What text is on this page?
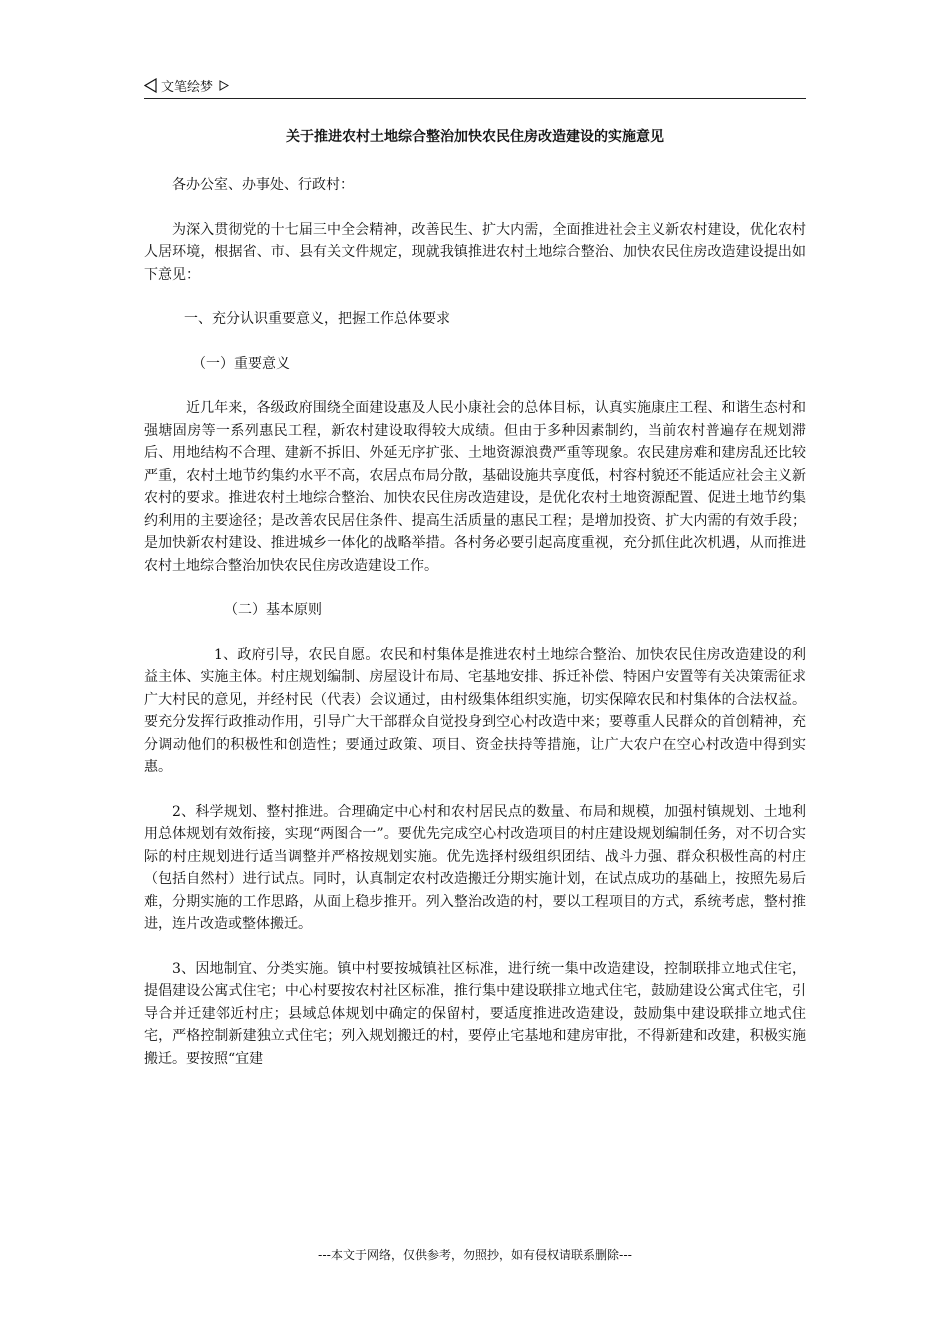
文笔绘梦
关于推进农村土地综合整治加快农民住房改造建设的实施意见

各办公室、办事处、行政村：

为深入贯彻党的十七届三中全会精神，改善民生、扩大内需，全面推进社会主义新农村建设，优化农村人居环境，根据省、市、县有关文件规定，现就我镇推进农村土地综合整治、加快农民住房改造建设提出如下意见：

一、充分认识重要意义，把握工作总体要求

（一）重要意义

近几年来，各级政府围绕全面建设惠及人民小康社会的总体目标，认真实施康庄工程、和谐生态村和强塘固房等一系列惠民工程，新农村建设取得较大成绩。但由于多种因素制约，当前农村普遍存在规划滞后、用地结构不合理、建新不拆旧、外延无序扩张、土地资源浪费严重等现象。农民建房难和建房乱还比较严重，农村土地节约集约水平不高，农居点布局分散，基础设施共享度低，村容村貌还不能适应社会主义新农村的要求。推进农村土地综合整治、加快农民住房改造建设，是优化农村土地资源配置、促进土地节约集约利用的主要途径；是改善农民居住条件、提高生活质量的惠民工程；是增加投资、扩大内需的有效手段；是加快新农村建设、推进城乡一体化的战略举措。各村务必要引起高度重视，充分抓住此次机遇，从而推进农村土地综合整治加快农民住房改造建设工作。

（二）基本原则

1、政府引导，农民自愿。农民和村集体是推进农村土地综合整治、加快农民住房改造建设的利益主体、实施主体。村庄规划编制、房屋设计布局、宅基地安排、拆迁补偿、特困户安置等有关决策需征求广大村民的意见，并经村民（代表）会议通过，由村级集体组织实施，切实保障农民和村集体的合法权益。要充分发挥行政推动作用，引导广大干部群众自觉投身到空心村改造中来；要尊重人民群众的首创精神，充分调动他们的积极性和创造性；要通过政策、项目、资金扶持等措施，让广大农户在空心村改造中得到实惠。

2、科学规划、整村推进。合理确定中心村和农村居民点的数量、布局和规模，加强村镇规划、土地利用总体规划有效衔接，实现“两图合一”。要优先完成空心村改造项目的村庄建设规划编制任务，对不切合实际的村庄规划进行适当调整并严格按规划实施。优先选择村级组织团结、战斗力强、群众积极性高的村庄（包括自然村）进行试点。同时，认真制定农村改造搬迁分期实施计划，在试点成功的基础上，按照先易后难，分期实施的工作思路，从面上稳步推开。列入整治改造的村，要以工程项目的方式，系统考虑，整村推进，连片改造或整体搬迁。

3、因地制宜、分类实施。镇中村要按城镇社区标准，进行统一集中改造建设，控制联排立地式住宅，提倡建设公寓式住宅；中心村要按农村社区标准，推行集中建设联排立地式住宅，鼓励建设公寓式住宅，引导合并迁建邻近村庄；县域总体规划中确定的保留村，要适度推进改造建设，鼓励集中建设联排立地式住宅，严格控制新建独立式住宅；列入规划搬迁的村，要停止宅基地和建房审批，不得新建和改建，积极实施搬迁。要按照“宜建

---本文于网络，仅供参考，勿照抄，如有侵权请联系删除---
